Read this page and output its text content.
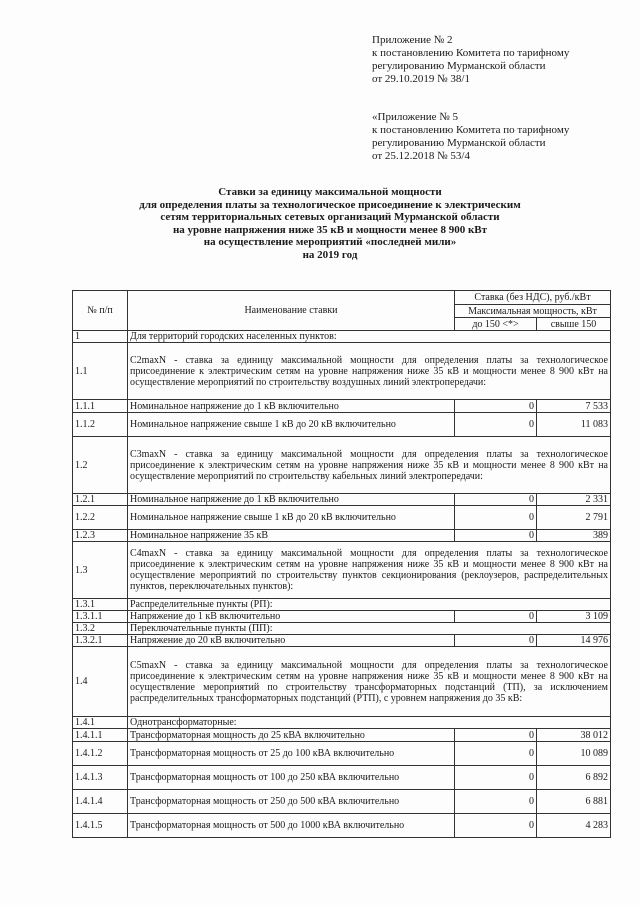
Приложение № 2
к постановлению Комитета по тарифному
регулированию Мурманской области
от 29.10.2019 № 38/1
«Приложение № 5
к постановлению Комитета по тарифному
регулированию Мурманской области
от 25.12.2018 № 53/4
Ставки за единицу максимальной мощности
для определения платы за технологическое присоединение к электрическим
сетям территориальных сетевых организаций Мурманской области
на уровне напряжения ниже 35 кВ и мощности менее 8 900 кВт
на осуществление мероприятий «последней мили»
на 2019 год
№ п/п	Наименование ставки	Ставка (без НДС), руб./кВт	
		Максимальная мощность, кВт	
		до 150 <*>	свыше 150
1	Для территорий городских населенных пунктов:		
1.1	C2maxN - ставка за единицу максимальной мощности для определения платы за технологическое присоединение к электрическим сетям на уровне напряжения ниже 35 кВ и мощности менее 8 900 кВт на осуществление мероприятий по строительству воздушных линий электропередачи:		
1.1.1	Номинальное напряжение до 1 кВ включительно	0	7 533
1.1.2	Номинальное напряжение свыше 1 кВ до 20 кВ включительно	0	11 083
1.2	C3maxN - ставка за единицу максимальной мощности для определения платы за технологическое присоединение к электрическим сетям на уровне напряжения ниже 35 кВ и мощности менее 8 900 кВт на осуществление мероприятий по строительству кабельных линий электропередачи:		
1.2.1	Номинальное напряжение до 1 кВ включительно	0	2 331
1.2.2	Номинальное напряжение свыше 1 кВ до 20 кВ включительно	0	2 791
1.2.3	Номинальное напряжение 35 кВ	0	389
1.3	C4maxN - ставка за единицу максимальной мощности для определения платы за технологическое присоединение к электрическим сетям на уровне напряжения ниже 35 кВ и мощности менее 8 900 кВт на осуществление мероприятий по строительству пунктов секционирования (реклоузеров, распределительных пунктов, переключательных пунктов):		
1.3.1	Распределительные пункты (РП):		
1.3.1.1	Напряжение до 1 кВ включительно	0	3 109
1.3.2	Переключательные пункты (ПП):		
1.3.2.1	Напряжение до 20 кВ включительно	0	14 976
1.4	C5maxN - ставка за единицу максимальной мощности для определения платы за технологическое присоединение к электрическим сетям на уровне напряжения ниже 35 кВ и мощности менее 8 900 кВт на осуществление мероприятий по строительству трансформаторных подстанций (ТП), за исключением распределительных трансформаторных подстанций (РТП), с уровнем напряжения до 35 кВ:		
1.4.1	Однотрансформаторные:		
1.4.1.1	Трансформаторная мощность до 25 кВА включительно	0	38 012
1.4.1.2	Трансформаторная мощность от 25 до 100 кВА включительно	0	10 089
1.4.1.3	Трансформаторная мощность от 100 до 250 кВА включительно	0	6 892
1.4.1.4	Трансформаторная мощность от 250 до 500 кВА включительно	0	6 881
1.4.1.5	Трансформаторная мощность от 500 до 1000 кВА включительно	0	4 283
